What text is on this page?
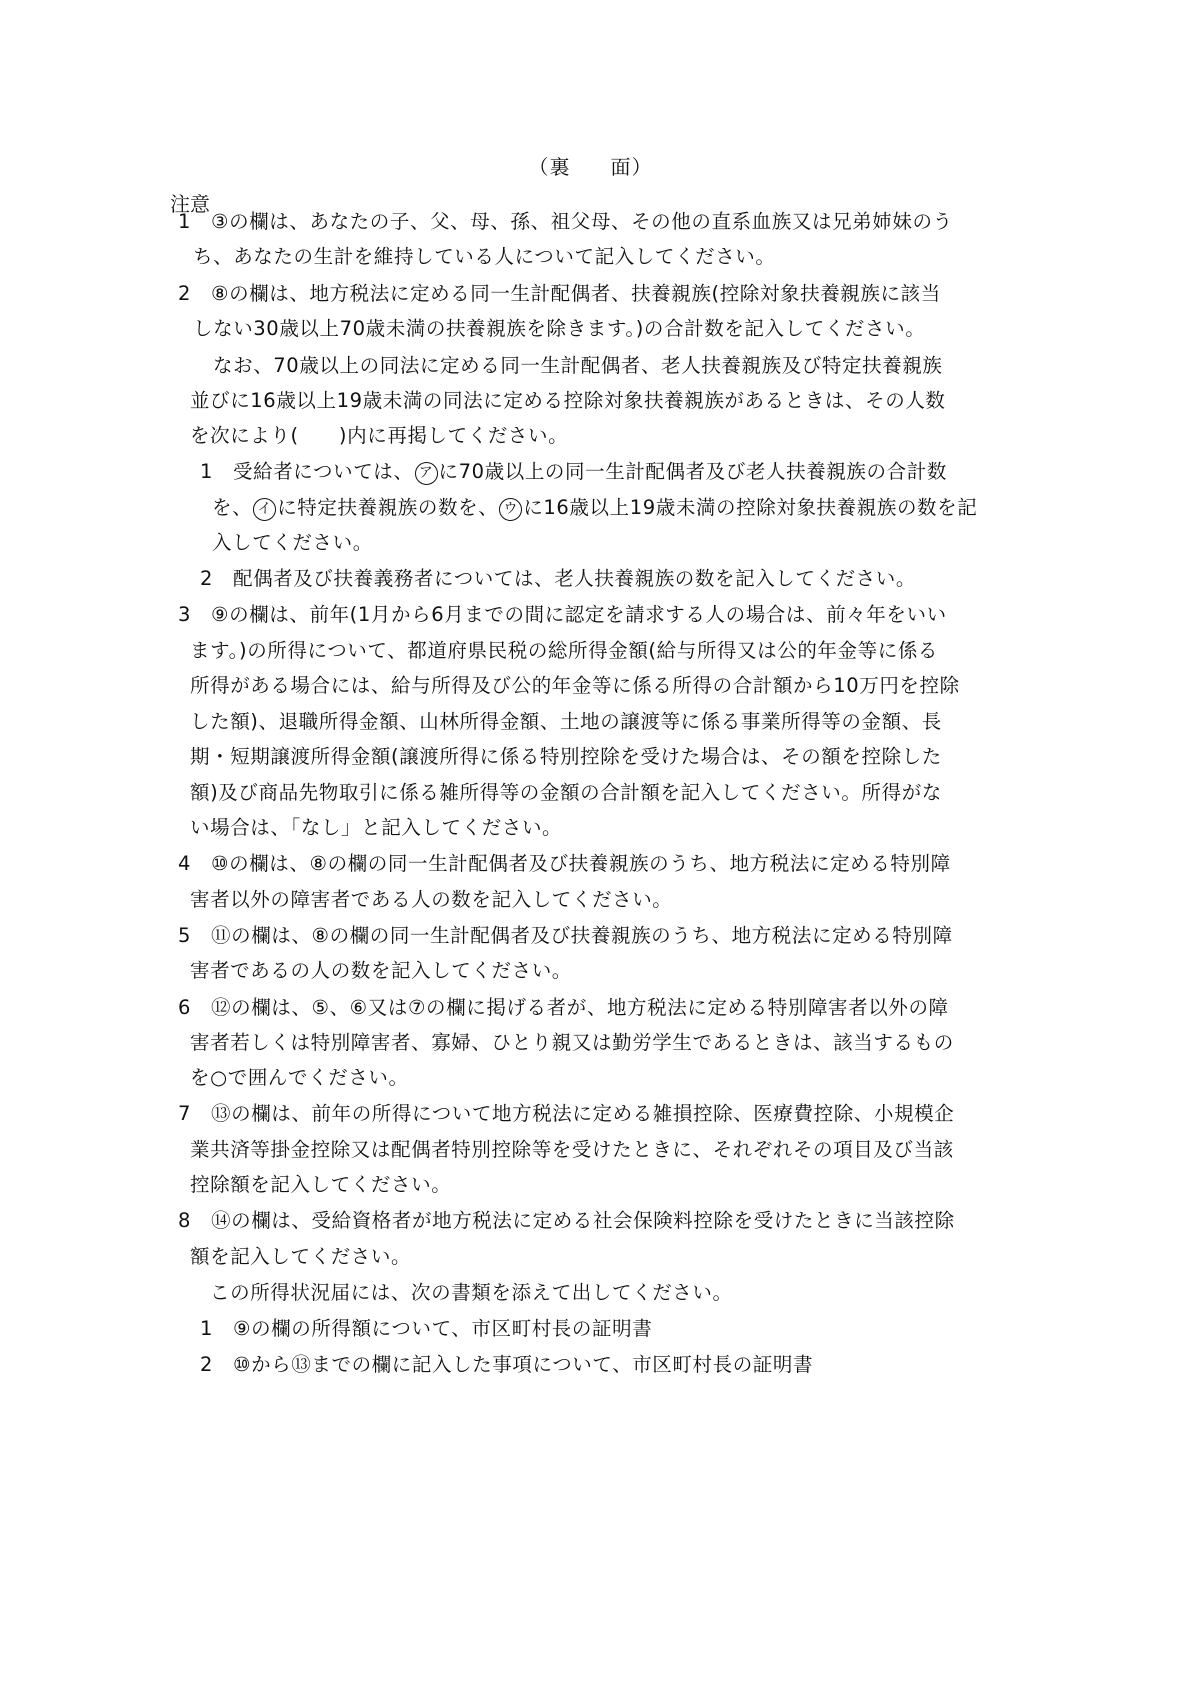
（裏 面）
注意
1 ③の欄は、あなたの子、父、母、孫、祖父母、その他の直系血族又は兄弟姉妹のう
ち、あなたの生計を維持している人について記入してください。
2 ⑧の欄は、地方税法に定める同一生計配偶者、扶養親族(控除対象扶養親族に該当
しない30歳以上70歳未満の扶養親族を除きます。)の合計数を記入してください。
なお、70歳以上の同法に定める同一生計配偶者、老人扶養親族及び特定扶養親族
並びに16歳以上19歳未満の同法に定める控除対象扶養親族があるときは、その人数
を次により(　　)内に再掲してください。
1 受給者については、 ア に70歳以上の同一生計配偶者及び老人扶養親族の合計数
を、 イ に特定扶養親族の数を、 ウ に16歳以上19歳未満の控除対象扶養親族の数を記
入してください。
2 配偶者及び扶養義務者については、老人扶養親族の数を記入してください。
3 ⑨の欄は、前年(1月から6月までの間に認定を請求する人の場合は、前々年をいい
ます。)の所得について、都道府県民税の総所得金額(給与所得又は公的年金等に係る
所得がある場合には、給与所得及び公的年金等に係る所得の合計額から10万円を控除
した額)、退職所得金額、山林所得金額、土地の譲渡等に係る事業所得等の金額、長
期・短期譲渡所得金額(譲渡所得に係る特別控除を受けた場合は、その額を控除した
額)及び商品先物取引に係る雑所得等の金額の合計額を記入してください。所得がな
い場合は、「なし」と記入してください。
4 ⑩の欄は、⑧の欄の同一生計配偶者及び扶養親族のうち、地方税法に定める特別障
害者以外の障害者である人の数を記入してください。
5 ⑪の欄は、⑧の欄の同一生計配偶者及び扶養親族のうち、地方税法に定める特別障
害者であるの人の数を記入してください。
6 ⑫の欄は、⑤、⑥又は⑦の欄に掲げる者が、地方税法に定める特別障害者以外の障
害者若しくは特別障害者、寡婦、ひとり親又は勤労学生であるときは、該当するもの
を○で囲んでください。
7 ⑬の欄は、前年の所得について地方税法に定める雑損控除、医療費控除、小規模企
業共済等掛金控除又は配偶者特別控除等を受けたときに、それぞれその項目及び当該
控除額を記入してください。
8 ⑭の欄は、受給資格者が地方税法に定める社会保険料控除を受けたときに当該控除
額を記入してください。
この所得状況届には、次の書類を添えて出してください。
1 ⑨の欄の所得額について、市区町村長の証明書
2 ⑩から⑬までの欄に記入した事項について、市区町村長の証明書
